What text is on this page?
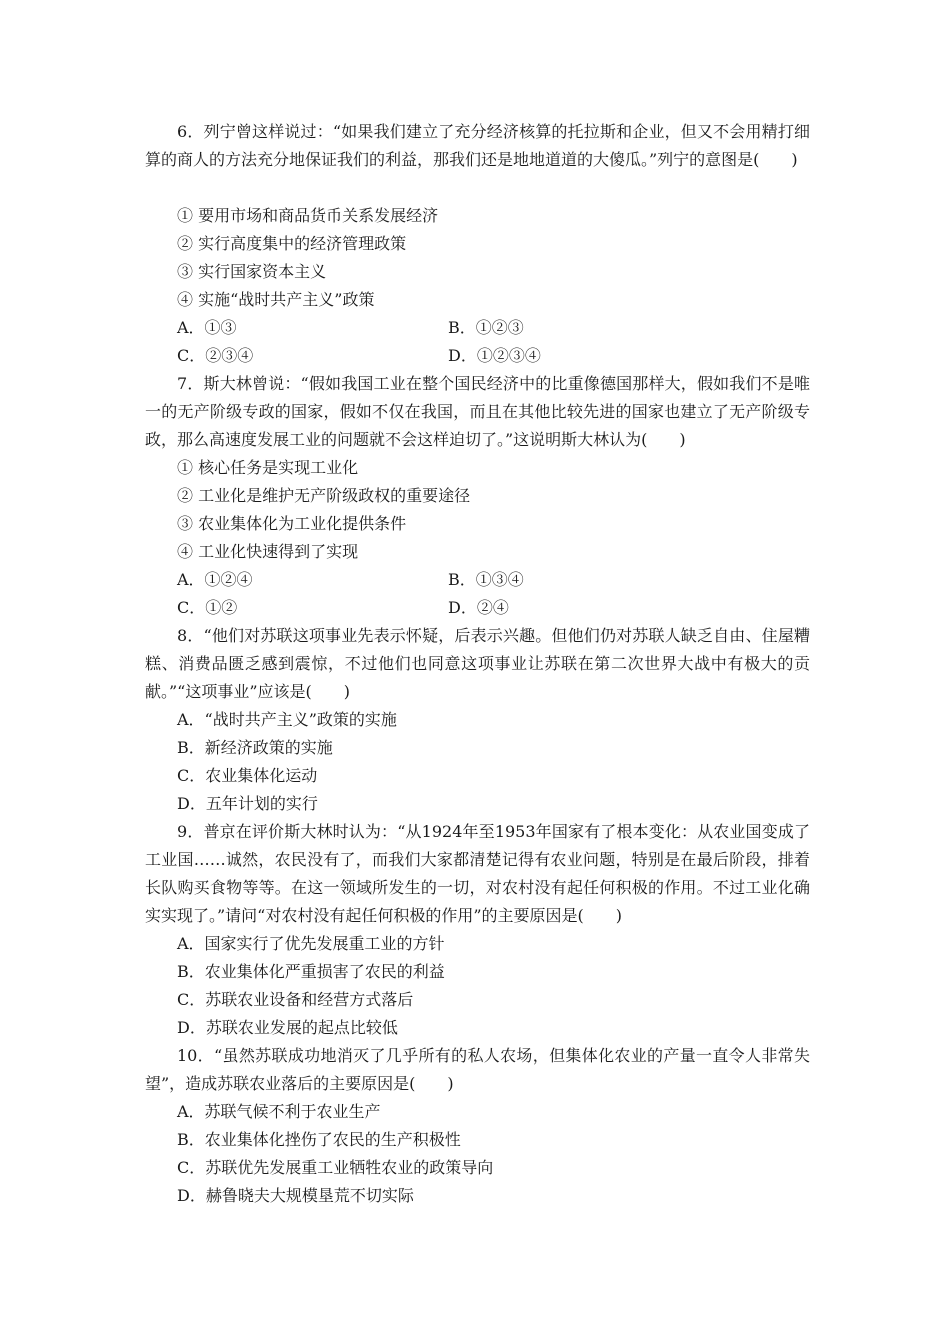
6．列宁曾这样说过：“如果我们建立了充分经济核算的托拉斯和企业，但又不会用精打细算的商人的方法充分地保证我们的利益，那我们还是地地道道的大傻瓜。”列宁的意图是(　　)

① 要用市场和商品货币关系发展经济
② 实行高度集中的经济管理政策
③ 实行国家资本主义
④ 实施“战时共产主义”政策
A．①③	B．①②③
C．②③④	D．①②③④

7．斯大林曾说：“假如我国工业在整个国民经济中的比重像德国那样大，假如我们不是唯一的无产阶级专政的国家，假如不仅在我国，而且在其他比较先进的国家也建立了无产阶级专政，那么高速度发展工业的问题就不会这样迫切了。”这说明斯大林认为(　　)

① 核心任务是实现工业化
② 工业化是维护无产阶级政权的重要途径
③ 农业集体化为工业化提供条件
④ 工业化快速得到了实现
A．①②④	B．①③④
C．①②	D．②④

8．“他们对苏联这项事业先表示怀疑，后表示兴趣。但他们仍对苏联人缺乏自由、住屋糟糕、消费品匮乏感到震惊，不过他们也同意这项事业让苏联在第二次世界大战中有极大的贡献。”“这项事业”应该是(　　)

A．“战时共产主义”政策的实施
B．新经济政策的实施
C．农业集体化运动
D．五年计划的实行

9．普京在评价斯大林时认为：“从1924年至1953年国家有了根本变化：从农业国变成了工业国……诚然，农民没有了，而我们大家都清楚记得有农业问题，特别是在最后阶段，排着长队购买食物等等。在这一领域所发生的一切，对农村没有起任何积极的作用。不过工业化确实实现了。”请问“对农村没有起任何积极的作用”的主要原因是(　　)

A．国家实行了优先发展重工业的方针
B．农业集体化严重损害了农民的利益
C．苏联农业设备和经营方式落后
D．苏联农业发展的起点比较低

10．“虽然苏联成功地消灭了几乎所有的私人农场，但集体化农业的产量一直令人非常失望”，造成苏联农业落后的主要原因是(　　)

A．苏联气候不利于农业生产
B．农业集体化挫伤了农民的生产积极性
C．苏联优先发展重工业牺牲农业的政策导向
D．赫鲁晓夫大规模垦荒不切实际
